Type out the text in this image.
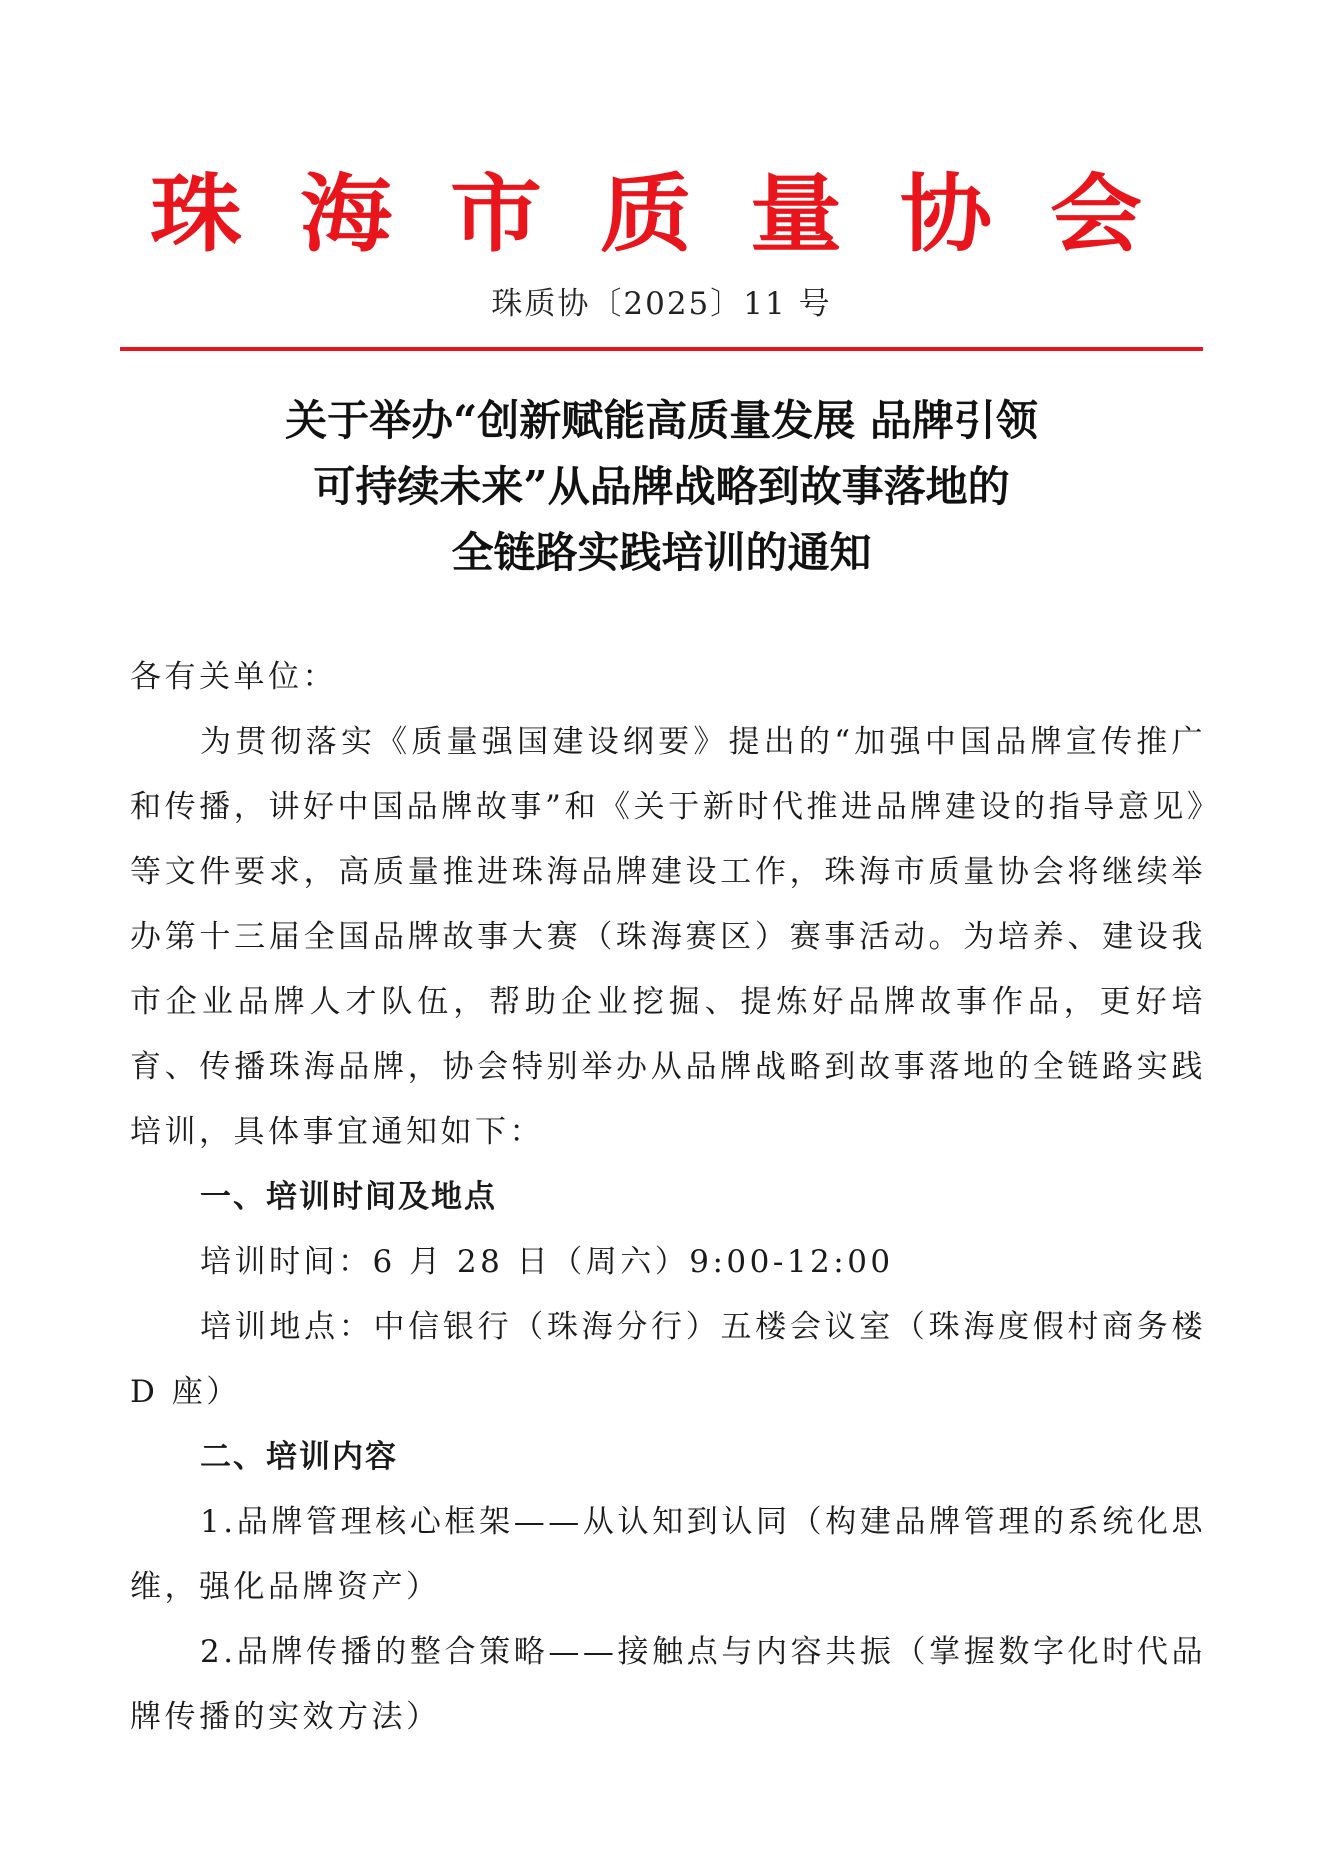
珠海市质量协会
珠质协〔2025〕11 号
关于举办“创新赋能高质量发展 品牌引领
可持续未来”从品牌战略到故事落地的
全链路实践培训的通知

各有关单位：

为贯彻落实《质量强国建设纲要》提出的“加强中国品牌宣传推广和传播，讲好中国品牌故事”和《关于新时代推进品牌建设的指导意见》等文件要求，高质量推进珠海品牌建设工作，珠海市质量协会将继续举办第十三届全国品牌故事大赛（珠海赛区）赛事活动。为培养、建设我市企业品牌人才队伍，帮助企业挖掘、提炼好品牌故事作品，更好培育、传播珠海品牌，协会特别举办从品牌战略到故事落地的全链路实践培训，具体事宜通知如下：

一、培训时间及地点

培训时间：6 月 28 日（周六）9:00-12:00

培训地点：中信银行（珠海分行）五楼会议室（珠海度假村商务楼 D 座）

二、培训内容

1.品牌管理核心框架——从认知到认同（构建品牌管理的系统化思维，强化品牌资产）

2.品牌传播的整合策略——接触点与内容共振（掌握数字化时代品牌传播的实效方法）
